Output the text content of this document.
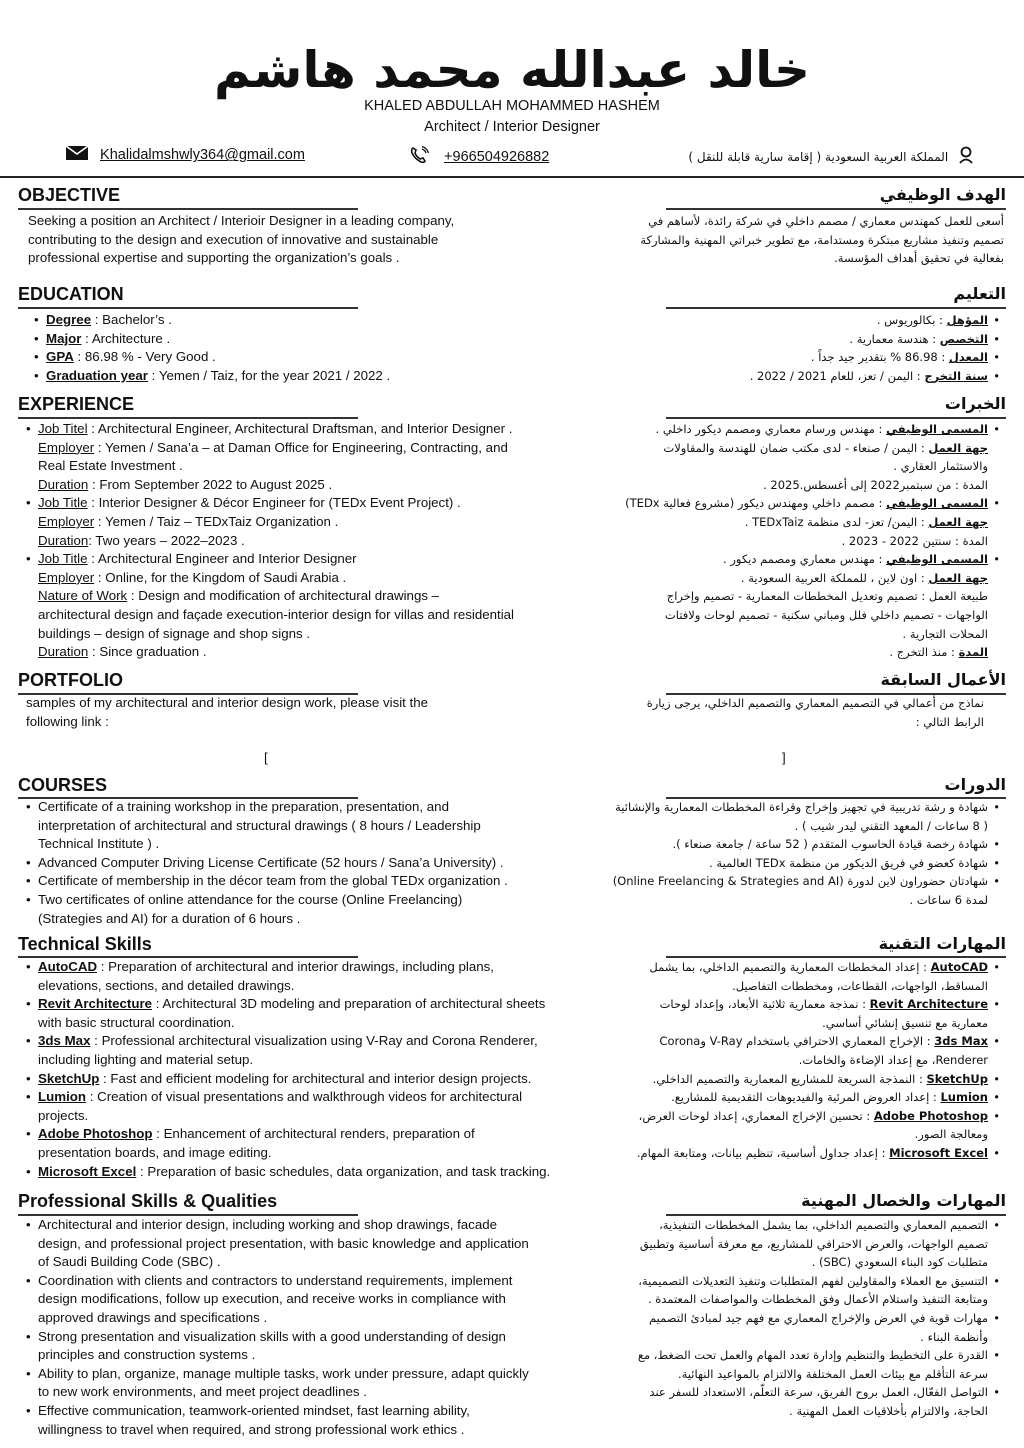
خالد عبدالله محمد هاشم
KHALED ABDULLAH MOHAMMED HASHEM
Architect / Interior Designer
Khalidalmshwly364@gmail.com	+966504926882	المملكة العربية السعودية ( إقامة سارية قابلة للنقل )
OBJECTIVE	الهدف الوظيفي
Seeking a position an Architect / Interioir Designer in a leading company,
contributing to the design and execution of innovative and sustainable
professional expertise and supporting the organization’s goals .
أسعى للعمل كمهندس معماري / مصمم داخلي في شركة رائدة، لأساهم في
تصميم وتنفيذ مشاريع مبتكرة ومستدامة، مع تطوير خبراتي المهنية والمشاركة
بفعالية في تحقيق أهداف المؤسسة.
EDUCATION	التعليم
• Degree : Bachelor’s .
• Major : Architecture .
• GPA : 86.98 % - Very Good .
• Graduation year : Yemen / Taiz, for the year 2021 / 2022 .
• المؤهل : بكالوريوس .
• التخصص : هندسة معمارية .
• المعدل : 86.98 % بتقدير جيد جداً .
• سنة التخرج : اليمن / تعز، للعام 2021 / 2022 .
EXPERIENCE	الخبرات
• Job Titel : Architectural Engineer, Architectural Draftsman, and Interior Designer .
Employer : Yemen / Sana’a – at Daman Office for Engineering, Contracting, and
Real Estate Investment .
Duration : From September 2022 to August 2025 .
• Job Title : Interior Designer & Décor Engineer for (TEDx Event Project) .
Employer : Yemen / Taiz – TEDxTaiz Organization .
Duration: Two years – 2022–2023 .
• Job Title : Architectural Engineer and Interior Designer
Employer : Online, for the Kingdom of Saudi Arabia .
Nature of Work : Design and modification of architectural drawings –
architectural design and façade execution-interior design for villas and residential
buildings – design of signage and shop signs .
Duration : Since graduation .
• المسمى الوظيفي : مهندس ورسام معماري ومصمم ديكور داخلي .
جهة العمل : اليمن / صنعاء - لدى مكتب ضمان للهندسة والمقاولات
والاستثمار العقاري .
المدة : من سبتمبر2022 إلى أغسطس.2025 .
• المسمى الوظيفي : مصمم داخلي ومهندس ديكور (مشروع فعالية TEDx)
جهة العمل : اليمن/ تعز- لدى منظمة TEDxTaiz .
المدة : سنتين 2022 - 2023 .
• المسمى الوظيفي : مهندس معماري ومصمم ديكور .
جهة العمل : اون لاين ، للمملكة العربية السعودية .
طبيعة العمل : تصميم وتعديل المخططات المعمارية - تصميم وإخراج
الواجهات - تصميم داخلي فلل ومباني سكنية - تصميم لوحات ولافتات
المحلات التجارية .
المدة : منذ التخرج .
PORTFOLIO	الأعمال السابقة
samples of my architectural and interior design work, please visit the
following link :
نماذج من أعمالي في التصميم المعماري والتصميم الداخلي، يرجى زيارة
الرابط التالي :
[	]
COURSES	الدورات
• Certificate of a training workshop in the preparation, presentation, and
interpretation of architectural and structural drawings ( 8 hours / Leadership
Technical Institute ) .
• Advanced Computer Driving License Certificate (52 hours / Sana’a University) .
• Certificate of membership in the décor team from the global TEDx organization .
• Two certificates of online attendance for the course (Online Freelancing)
(Strategies and AI) for a duration of 6 hours .
• شهادة و رشة تدريبية في تجهيز وإخراج وقراءة المخططات المعمارية والإنشائية
( 8 ساعات / المعهد التقني ليدر شيب ) .
• شهادة رخصة قيادة الحاسوب المتقدم ( 52 ساعة / جامعة صنعاء ).
• شهادة كعضو في فريق الديكور من منظمة TEDx العالمية .
• شهادتان حضوراون لاين لدورة (Online Freelancing & Strategies and AI)
لمدة 6 ساعات .
Technical Skills	المهارات التقنية
• AutoCAD : Preparation of architectural and interior drawings, including plans,
elevations, sections, and detailed drawings.
• Revit Architecture : Architectural 3D modeling and preparation of architectural sheets
with basic structural coordination.
• 3ds Max : Professional architectural visualization using V-Ray and Corona Renderer,
including lighting and material setup.
• SketchUp : Fast and efficient modeling for architectural and interior design projects.
• Lumion : Creation of visual presentations and walkthrough videos for architectural
projects.
• Adobe Photoshop : Enhancement of architectural renders, preparation of
presentation boards, and image editing.
• Microsoft Excel : Preparation of basic schedules, data organization, and task tracking.
• AutoCAD : إعداد المخططات المعمارية والتصميم الداخلي، بما يشمل
المساقط، الواجهات، القطاعات، ومخططات التفاصيل.
• Revit Architecture : نمذجة معمارية ثلاثية الأبعاد، وإعداد لوحات
معمارية مع تنسيق إنشائي أساسي.
• 3ds Max : الإخراج المعماري الاحترافي باستخدام V-Ray وCorona
Renderer، مع إعداد الإضاءة والخامات.
• SketchUp : النمذجة السريعة للمشاريع المعمارية والتصميم الداخلي.
• Lumion : إعداد العروض المرئية والفيديوهات التقديمية للمشاريع.
• Adobe Photoshop : تحسين الإخراج المعماري، إعداد لوحات العرض،
ومعالجة الصور.
• Microsoft Excel : إعداد جداول أساسية، تنظيم بيانات، ومتابعة المهام.
Professional Skills & Qualities	المهارات والخصال المهنية
• Architectural and interior design, including working and shop drawings, facade
design, and professional project presentation, with basic knowledge and application
of Saudi Building Code (SBC) .
• Coordination with clients and contractors to understand requirements, implement
design modifications, follow up execution, and receive works in compliance with
approved drawings and specifications .
• Strong presentation and visualization skills with a good understanding of design
principles and construction systems .
• Ability to plan, organize, manage multiple tasks, work under pressure, adapt quickly
to new work environments, and meet project deadlines .
• Effective communication, teamwork-oriented mindset, fast learning ability,
willingness to travel when required, and strong professional work ethics .
• التصميم المعماري والتصميم الداخلي، بما يشمل المخططات التنفيذية،
تصميم الواجهات، والعرض الاحترافي للمشاريع، مع معرفة أساسية وتطبيق
متطلبات كود البناء السعودي (SBC) .
• التنسيق مع العملاء والمقاولين لفهم المتطلبات وتنفيذ التعديلات التصميمية،
ومتابعة التنفيذ واستلام الأعمال وفق المخططات والمواصفات المعتمدة .
• مهارات قوية في العرض والإخراج المعماري مع فهم جيد لمبادئ التصميم
وأنظمة البناء .
• القدرة على التخطيط والتنظيم وإدارة تعدد المهام والعمل تحت الضغط، مع
سرعة التأقلم مع بيئات العمل المختلفة والالتزام بالمواعيد النهائية.
• التواصل الفعّال، العمل بروح الفريق، سرعة التعلّم، الاستعداد للسفر عند
الحاجة، والالتزام بأخلاقيات العمل المهنية .
